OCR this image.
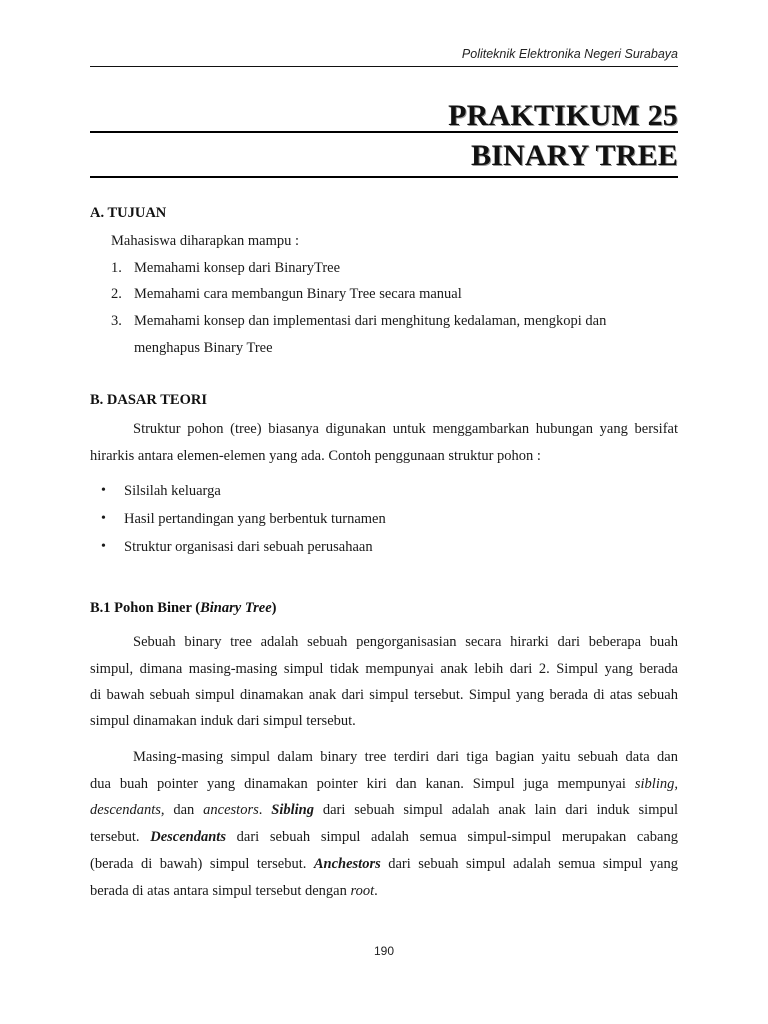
Politeknik Elektronika Negeri Surabaya
PRAKTIKUM 25
BINARY TREE
A. TUJUAN
Mahasiswa diharapkan mampu :
1. Memahami konsep dari BinaryTree
2. Memahami cara membangun Binary Tree secara manual
3. Memahami konsep dan implementasi dari menghitung kedalaman, mengkopi dan
menghapus Binary Tree
B. DASAR TEORI
Struktur pohon (tree) biasanya digunakan untuk menggambarkan hubungan yang bersifat
hirarkis antara elemen-elemen yang ada. Contoh penggunaan struktur pohon :
• Silsilah keluarga
• Hasil pertandingan yang berbentuk turnamen
• Struktur organisasi dari sebuah perusahaan
B.1 Pohon Biner (Binary Tree)
Sebuah binary tree adalah sebuah pengorganisasian secara hirarki dari beberapa buah
simpul, dimana masing-masing simpul tidak mempunyai anak lebih dari 2. Simpul yang berada
di bawah sebuah simpul dinamakan anak dari simpul tersebut. Simpul yang berada di atas sebuah
simpul dinamakan induk dari simpul tersebut.
Masing-masing simpul dalam binary tree terdiri dari tiga bagian yaitu sebuah data dan
dua buah pointer yang dinamakan pointer kiri dan kanan. Simpul juga mempunyai sibling,
descendants, dan ancestors. Sibling dari sebuah simpul adalah anak lain dari induk simpul
tersebut. Descendants dari sebuah simpul adalah semua simpul-simpul merupakan cabang
(berada di bawah) simpul tersebut. Anchestors dari sebuah simpul adalah semua simpul yang
berada di atas antara simpul tersebut dengan root.
190
